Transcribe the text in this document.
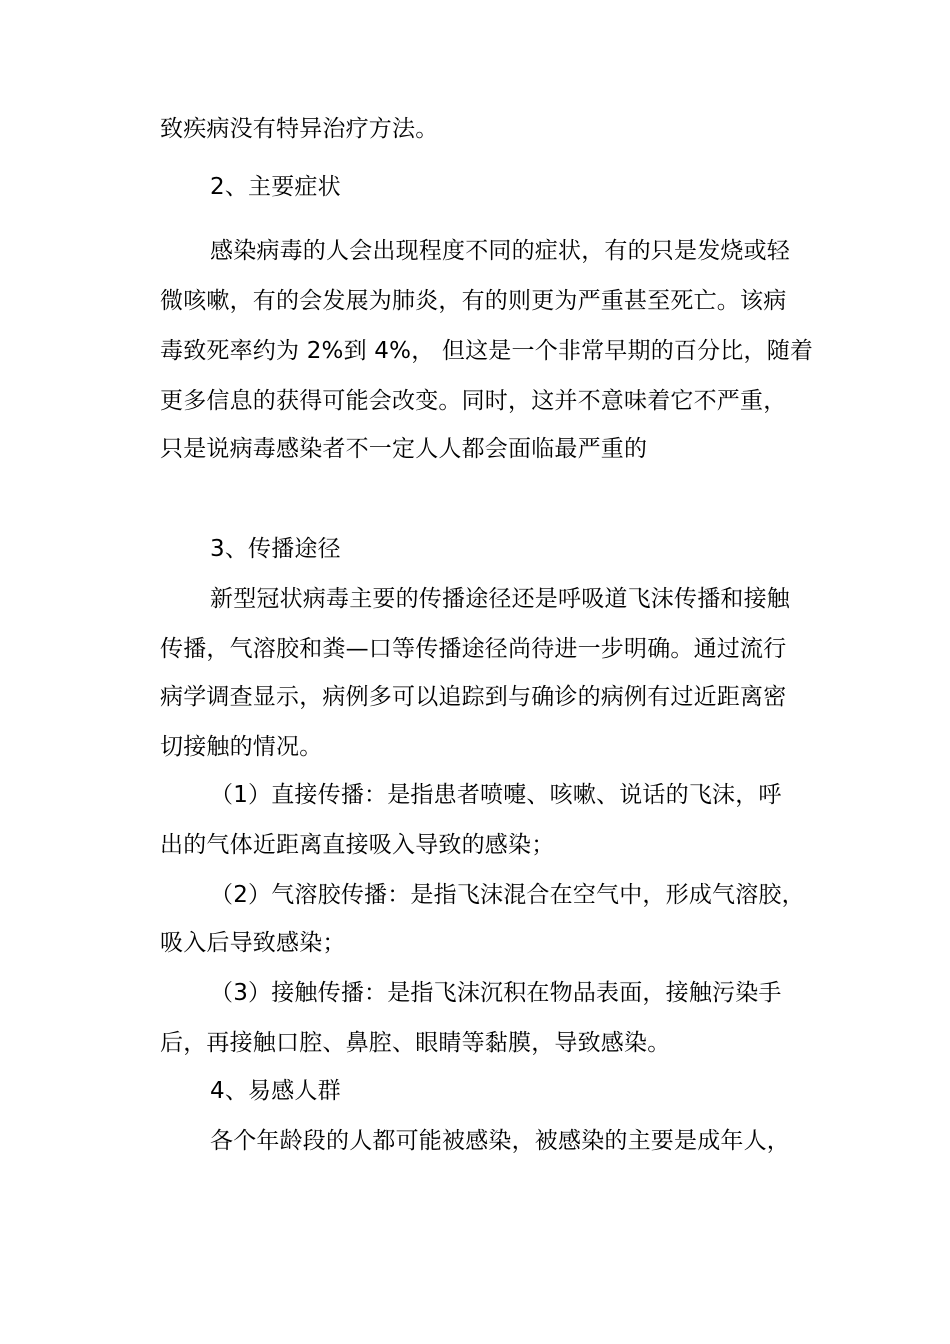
致疾病没有特异治疗方法。
2、主要症状
感染病毒的人会出现程度不同的症状，有的只是发烧或轻
微咳嗽，有的会发展为肺炎，有的则更为严重甚至死亡。该病
毒致死率约为 2%到 4%， 但这是一个非常早期的百分比，随着
更多信息的获得可能会改变。同时，这并不意味着它不严重，
只是说病毒感染者不一定人人都会面临最严重的
3、传播途径
新型冠状病毒主要的传播途径还是呼吸道飞沫传播和接触
传播，气溶胶和粪—口等传播途径尚待进一步明确。通过流行
病学调查显示，病例多可以追踪到与确诊的病例有过近距离密
切接触的情况。
（1）直接传播：是指患者喷嚏、咳嗽、说话的飞沫，呼
出的气体近距离直接吸入导致的感染；
（2）气溶胶传播：是指飞沫混合在空气中，形成气溶胶，
吸入后导致感染；
（3）接触传播：是指飞沫沉积在物品表面，接触污染手
后，再接触口腔、鼻腔、眼睛等黏膜，导致感染。
4、易感人群
各个年龄段的人都可能被感染，被感染的主要是成年人，
